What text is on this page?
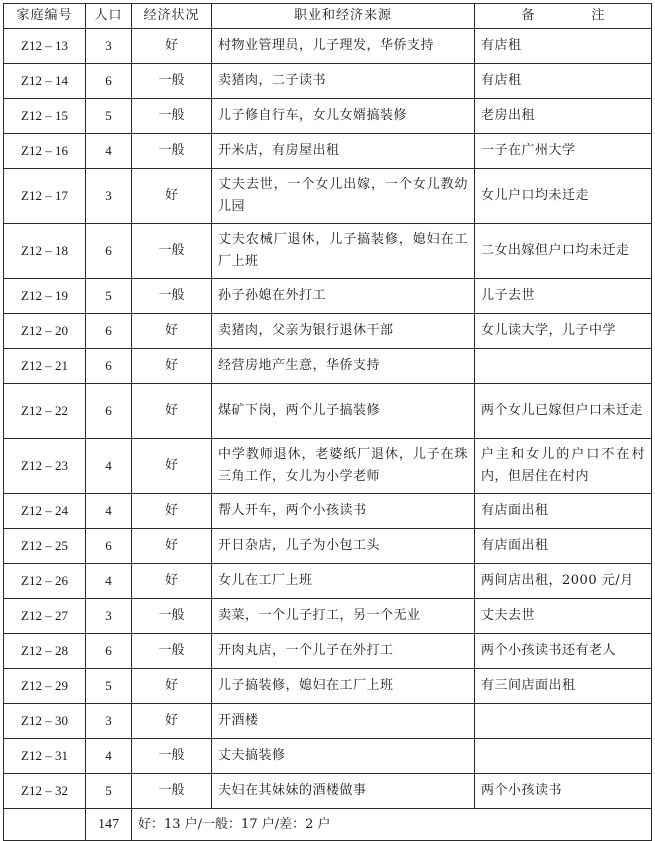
家庭编号	人口	经济状况	职业和经济来源	备　注
Z12 – 13	3	好	村物业管理员，儿子理发，华侨支持	有店租
Z12 – 14	6	一般	卖猪肉，二子读书	有店租
Z12 – 15	5	一般	儿子修自行车，女儿女婿搞装修	老房出租
Z12 – 16	4	一般	开米店，有房屋出租	一子在广州大学
Z12 – 17	3	好	丈夫去世，一个女儿出嫁，一个女儿教幼儿园	女儿户口均未迁走
Z12 – 18	6	一般	丈夫农械厂退休，儿子搞装修，媳妇在工厂上班	二女出嫁但户口均未迁走
Z12 – 19	5	一般	孙子孙媳在外打工	儿子去世
Z12 – 20	6	好	卖猪肉，父亲为银行退休干部	女儿读大学，儿子中学
Z12 – 21	6	好	经营房地产生意，华侨支持	
Z12 – 22	6	好	煤矿下岗，两个儿子搞装修	两个女儿已嫁但户口未迁走
Z12 – 23	4	好	中学教师退休，老婆纸厂退休，儿子在珠三角工作，女儿为小学老师	户主和女儿的户口不在村内，但居住在村内
Z12 – 24	4	好	帮人开车，两个小孩读书	有店面出租
Z12 – 25	6	好	开日杂店，儿子为小包工头	有店面出租
Z12 – 26	4	好	女儿在工厂上班	两间店出租，2000 元/月
Z12 – 27	3	一般	卖菜，一个儿子打工，另一个无业	丈夫去世
Z12 – 28	6	一般	开肉丸店，一个儿子在外打工	两个小孩读书还有老人
Z12 – 29	5	好	儿子搞装修，媳妇在工厂上班	有三间店面出租
Z12 – 30	3	好	开酒楼	
Z12 – 31	4	一般	丈夫搞装修	
Z12 – 32	5	一般	夫妇在其妹妹的酒楼做事	两个小孩读书
	147	好：13 户/一般：17 户/差：2 户		
